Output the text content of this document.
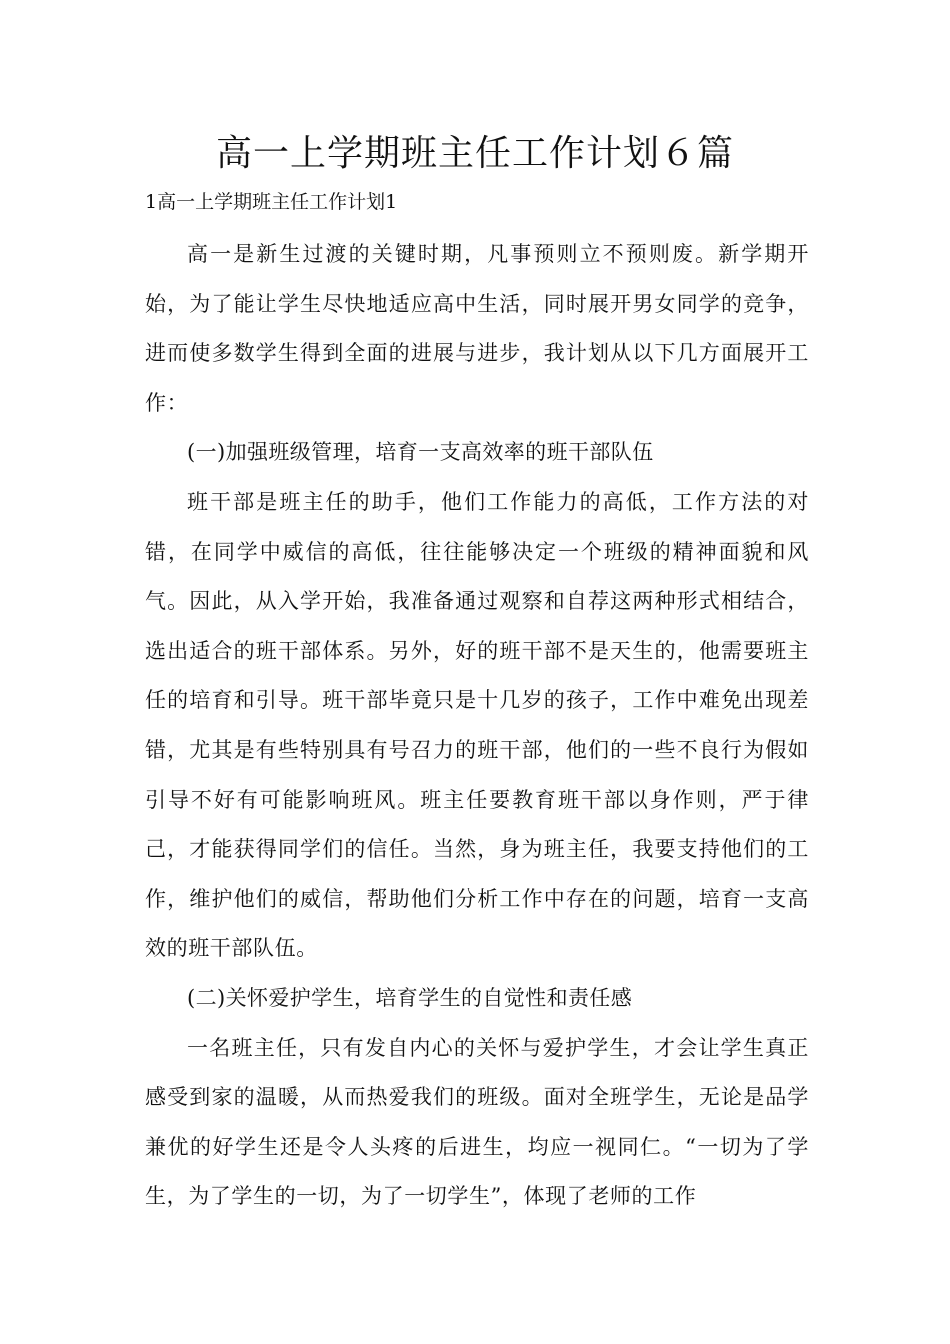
高一上学期班主任工作计划６篇

1高一上学期班主任工作计划1

高一是新生过渡的关键时期，凡事预则立不预则废。新学期开始，为了能让学生尽快地适应高中生活，同时展开男女同学的竞争，进而使多数学生得到全面的进展与进步，我计划从以下几方面展开工作：

(一)加强班级管理，培育一支高效率的班干部队伍

班干部是班主任的助手，他们工作能力的高低，工作方法的对错，在同学中威信的高低，往往能够决定一个班级的精神面貌和风气。因此，从入学开始，我准备通过观察和自荐这两种形式相结合，选出适合的班干部体系。另外，好的班干部不是天生的，他需要班主任的培育和引导。班干部毕竟只是十几岁的孩子，工作中难免出现差错，尤其是有些特别具有号召力的班干部，他们的一些不良行为假如引导不好有可能影响班风。班主任要教育班干部以身作则，严于律己，才能获得同学们的信任。当然，身为班主任，我要支持他们的工作，维护他们的威信，帮助他们分析工作中存在的问题，培育一支高效的班干部队伍。

(二)关怀爱护学生，培育学生的自觉性和责任感

一名班主任，只有发自内心的关怀与爱护学生，才会让学生真正感受到家的温暖，从而热爱我们的班级。面对全班学生，无论是品学兼优的好学生还是令人头疼的后进生，均应一视同仁。“一切为了学生，为了学生的一切，为了一切学生”，体现了老师的工作
